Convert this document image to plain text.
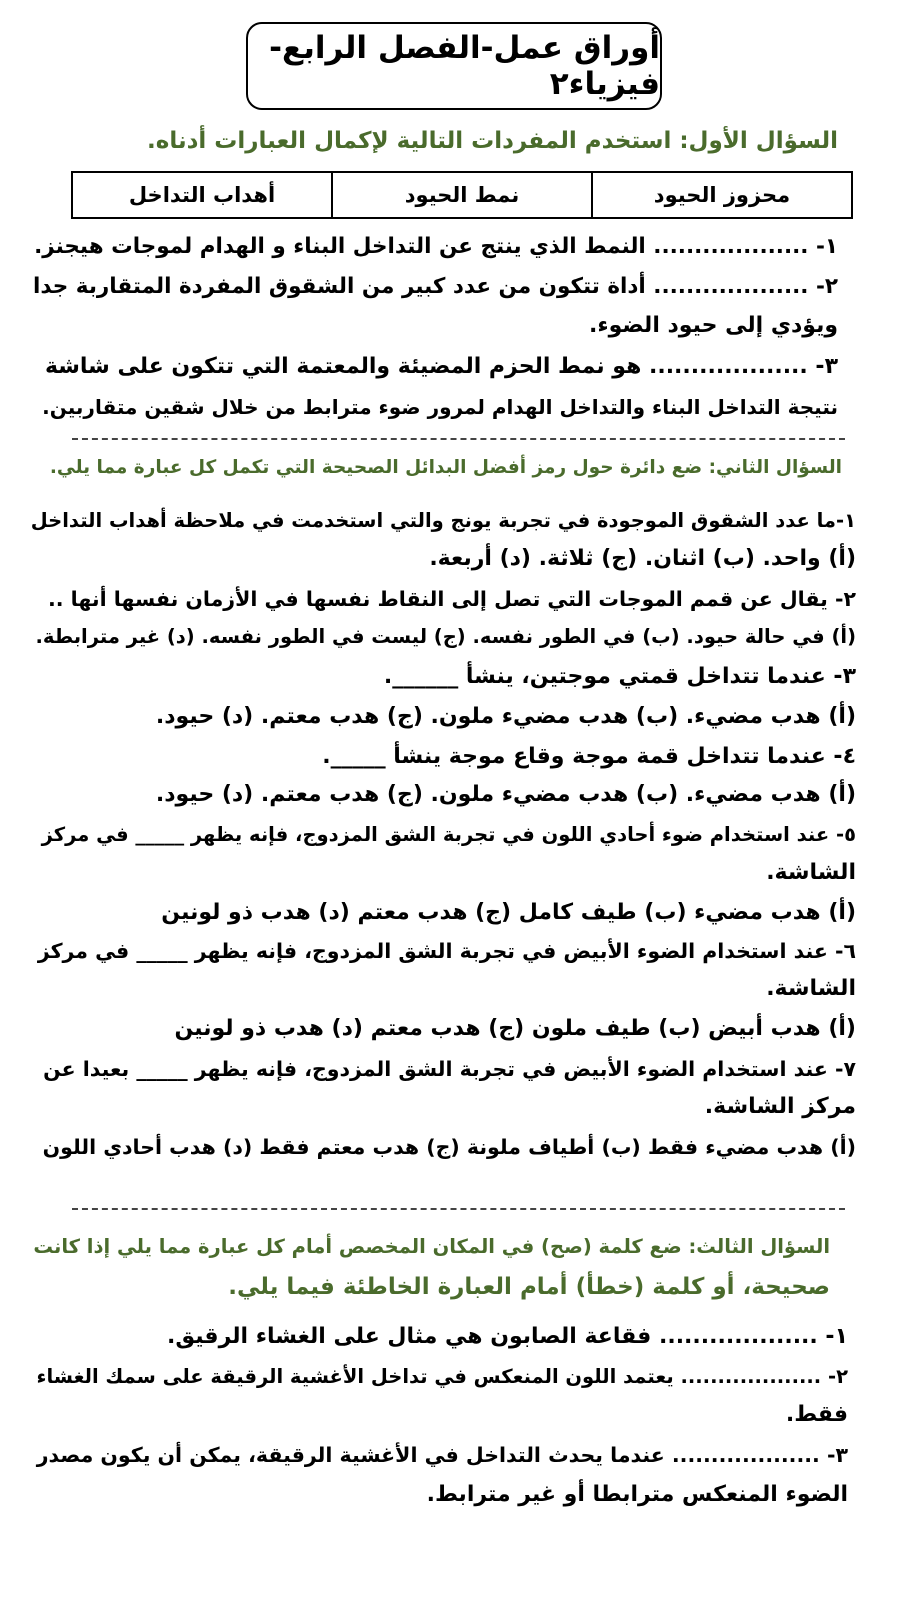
أوراق عمل-الفصل الرابع-فيزياء٢
السؤال الأول: استخدم المفردات التالية لإكمال العبارات أدناه.
محزوز الحيود	نمط الحيود	أهداب التداخل
١- ................... النمط الذي ينتج عن التداخل البناء و الهدام لموجات هيجنز.
٢- ................... أداة تتكون من عدد كبير من الشقوق المفردة المتقاربة جدا
ويؤدي إلى حيود الضوء.
٣- ................... هو نمط الحزم المضيئة والمعتمة التي تتكون على شاشة
نتيجة التداخل البناء والتداخل الهدام لمرور ضوء مترابط من خلال شقين متقاربين.
السؤال الثاني: ضع دائرة حول رمز أفضل البدائل الصحيحة التي تكمل كل عبارة مما يلي.
١-ما عدد الشقوق الموجودة في تجربة يونج والتي استخدمت في ملاحظة أهداب التداخل
(أ) واحد. (ب) اثنان. (ج) ثلاثة. (د) أربعة.
٢- يقال عن قمم الموجات التي تصل إلى النقاط نفسها في الأزمان نفسها أنها ..
(أ) في حالة حيود. (ب) في الطور نفسه. (ج) ليست في الطور نفسه. (د) غير مترابطة.
٣- عندما تتداخل قمتي موجتين، ينشأ ______.
(أ) هدب مضيء. (ب) هدب مضيء ملون. (ج) هدب معتم. (د) حيود.
٤- عندما تتداخل قمة موجة وقاع موجة ينشأ _____.
(أ) هدب مضيء. (ب) هدب مضيء ملون. (ج) هدب معتم. (د) حيود.
٥- عند استخدام ضوء أحادي اللون في تجربة الشق المزدوج، فإنه يظهر _____ في مركز
الشاشة.
(أ) هدب مضيء (ب) طيف كامل (ج) هدب معتم (د) هدب ذو لونين
٦- عند استخدام الضوء الأبيض في تجربة الشق المزدوج، فإنه يظهر _____ في مركز
الشاشة.
(أ) هدب أبيض (ب) طيف ملون (ج) هدب معتم (د) هدب ذو لونين
٧- عند استخدام الضوء الأبيض في تجربة الشق المزدوج، فإنه يظهر _____ بعيدا عن
مركز الشاشة.
(أ) هدب مضيء فقط (ب) أطياف ملونة (ج) هدب معتم فقط (د) هدب أحادي اللون
السؤال الثالث: ضع كلمة (صح) في المكان المخصص أمام كل عبارة مما يلي إذا كانت
صحيحة، أو كلمة (خطأ) أمام العبارة الخاطئة فيما يلي.
١- ................... فقاعة الصابون هي مثال على الغشاء الرقيق.
٢- ................... يعتمد اللون المنعكس في تداخل الأغشية الرقيقة على سمك الغشاء
فقط.
٣- ................... عندما يحدث التداخل في الأغشية الرقيقة، يمكن أن يكون مصدر
الضوء المنعكس مترابطا أو غير مترابط.
